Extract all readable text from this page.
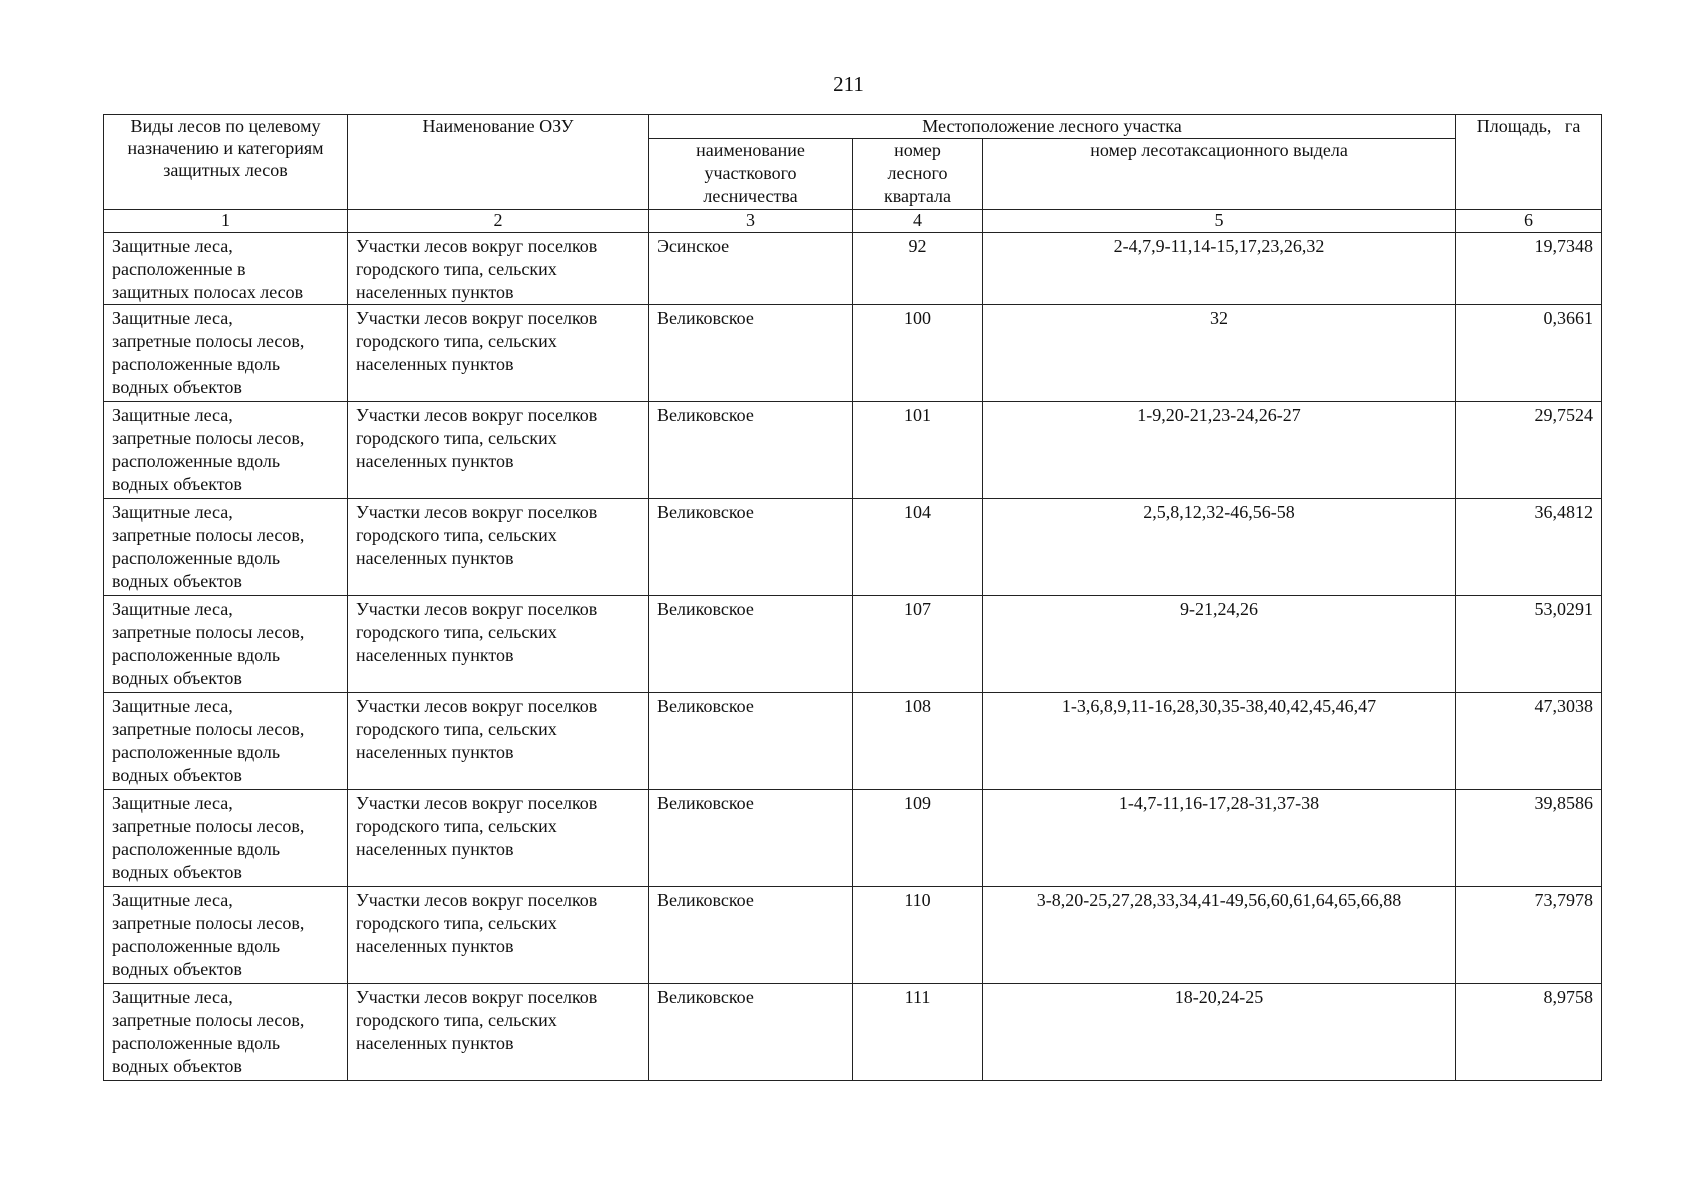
211
Виды лесов по целевому
назначению и категориям
защитных лесов	Наименование ОЗУ	Местоположение лесного участка			Площадь,   га
		наименование
участкового
лесничества	номер
лесного
квартала	номер лесотаксационного выдела	
1	2	3	4	5	6
Защитные леса,
расположенные в
защитных полосах лесов	Участки лесов вокруг поселков
городского типа, сельских
населенных пунктов	Эсинское	92	2-4,7,9-11,14-15,17,23,26,32	19,7348
Защитные леса,
запретные полосы лесов,
расположенные вдоль
водных объектов	Участки лесов вокруг поселков
городского типа, сельских
населенных пунктов	Великовское	100	32	0,3661
Защитные леса,
запретные полосы лесов,
расположенные вдоль
водных объектов	Участки лесов вокруг поселков
городского типа, сельских
населенных пунктов	Великовское	101	1-9,20-21,23-24,26-27	29,7524
Защитные леса,
запретные полосы лесов,
расположенные вдоль
водных объектов	Участки лесов вокруг поселков
городского типа, сельских
населенных пунктов	Великовское	104	2,5,8,12,32-46,56-58	36,4812
Защитные леса,
запретные полосы лесов,
расположенные вдоль
водных объектов	Участки лесов вокруг поселков
городского типа, сельских
населенных пунктов	Великовское	107	9-21,24,26	53,0291
Защитные леса,
запретные полосы лесов,
расположенные вдоль
водных объектов	Участки лесов вокруг поселков
городского типа, сельских
населенных пунктов	Великовское	108	1-3,6,8,9,11-16,28,30,35-38,40,42,45,46,47	47,3038
Защитные леса,
запретные полосы лесов,
расположенные вдоль
водных объектов	Участки лесов вокруг поселков
городского типа, сельских
населенных пунктов	Великовское	109	1-4,7-11,16-17,28-31,37-38	39,8586
Защитные леса,
запретные полосы лесов,
расположенные вдоль
водных объектов	Участки лесов вокруг поселков
городского типа, сельских
населенных пунктов	Великовское	110	3-8,20-25,27,28,33,34,41-49,56,60,61,64,65,66,88	73,7978
Защитные леса,
запретные полосы лесов,
расположенные вдоль
водных объектов	Участки лесов вокруг поселков
городского типа, сельских
населенных пунктов	Великовское	111	18-20,24-25	8,9758
